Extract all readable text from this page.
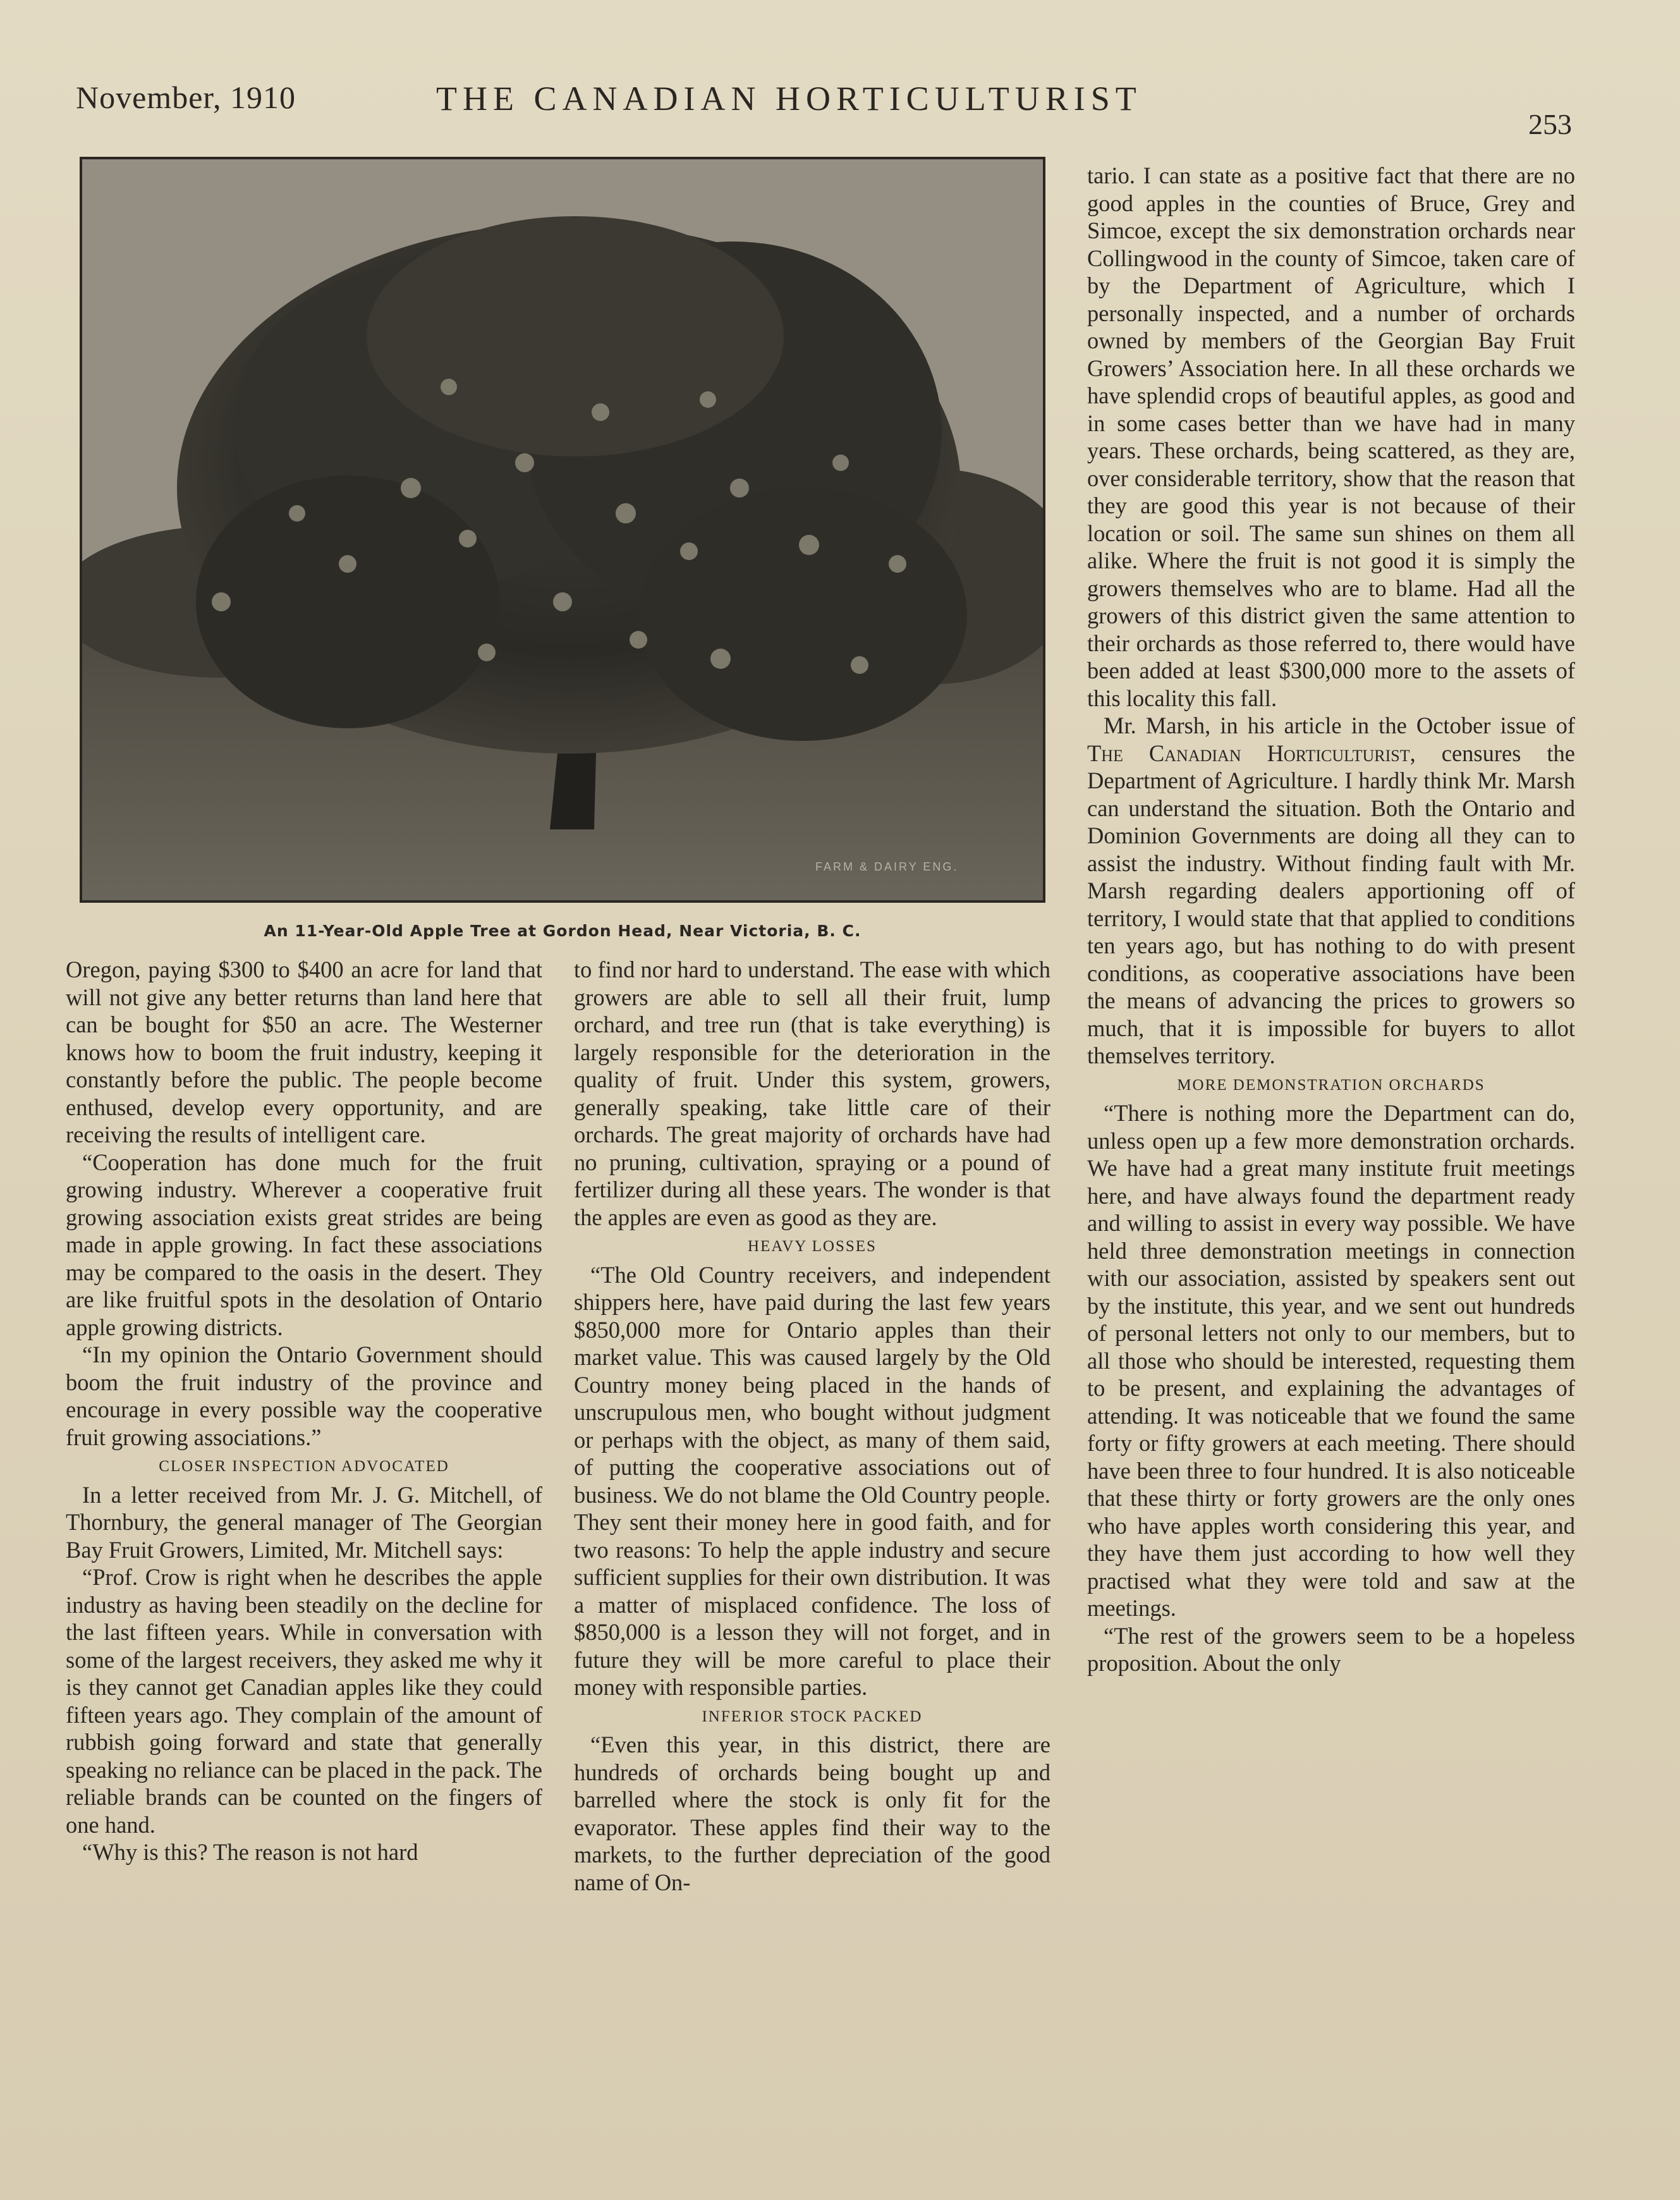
November, 1910	THE CANADIAN HORTICULTURIST
253
FARM & DAIRY ENG.
An 11-Year-Old Apple Tree at Gordon Head, Near Victoria, B. C.

Oregon, paying $300 to $400 an acre for land that will not give any better returns than land here that can be bought for $50 an acre. The Westerner knows how to boom the fruit industry, keeping it constantly before the public. The people become enthused, develop every opportunity, and are receiving the results of intelligent care.

“Cooperation has done much for the fruit growing industry. Wherever a cooperative fruit growing association exists great strides are being made in apple growing. In fact these associations may be compared to the oasis in the desert. They are like fruitful spots in the desolation of Ontario apple growing districts.

“In my opinion the Ontario Government should boom the fruit industry of the province and encourage in every possible way the cooperative fruit growing associations.”

CLOSER INSPECTION ADVOCATED

In a letter received from Mr. J. G. Mitchell, of Thornbury, the general manager of The Georgian Bay Fruit Growers, Limited, Mr. Mitchell says:

“Prof. Crow is right when he describes the apple industry as having been steadily on the decline for the last fifteen years. While in conversation with some of the largest receivers, they asked me why it is they cannot get Canadian apples like they could fifteen years ago. They complain of the amount of rubbish going forward and state that generally speaking no reliance can be placed in the pack. The reliable brands can be counted on the fingers of one hand.

“Why is this? The reason is not hard

to find nor hard to understand. The ease with which growers are able to sell all their fruit, lump orchard, and tree run (that is take everything) is largely responsible for the deterioration in the quality of fruit. Under this system, growers, generally speaking, take little care of their orchards. The great majority of orchards have had no pruning, cultivation, spraying or a pound of fertilizer during all these years. The wonder is that the apples are even as good as they are.

HEAVY LOSSES

“The Old Country receivers, and independent shippers here, have paid during the last few years $850,000 more for Ontario apples than their market value. This was caused largely by the Old Country money being placed in the hands of unscrupulous men, who bought without judgment or perhaps with the object, as many of them said, of putting the cooperative associations out of business. We do not blame the Old Country people. They sent their money here in good faith, and for two reasons: To help the apple industry and secure sufficient supplies for their own distribution. It was a matter of misplaced confidence. The loss of $850,000 is a lesson they will not forget, and in future they will be more careful to place their money with responsible parties.

INFERIOR STOCK PACKED

“Even this year, in this district, there are hundreds of orchards being bought up and barrelled where the stock is only fit for the evaporator. These apples find their way to the markets, to the further depreciation of the good name of On-

tario. I can state as a positive fact that there are no good apples in the counties of Bruce, Grey and Simcoe, except the six demonstration orchards near Collingwood in the county of Simcoe, taken care of by the Department of Agriculture, which I personally inspected, and a number of orchards owned by members of the Georgian Bay Fruit Growers’ Association here. In all these orchards we have splendid crops of beautiful apples, as good and in some cases better than we have had in many years. These orchards, being scattered, as they are, over considerable territory, show that the reason that they are good this year is not because of their location or soil. The same sun shines on them all alike. Where the fruit is not good it is simply the growers themselves who are to blame. Had all the growers of this district given the same attention to their orchards as those referred to, there would have been added at least $300,000 more to the assets of this locality this fall.

Mr. Marsh, in his article in the October issue of The Canadian Horticulturist, censures the Department of Agriculture. I hardly think Mr. Marsh can understand the situation. Both the Ontario and Dominion Governments are doing all they can to assist the industry. Without finding fault with Mr. Marsh regarding dealers apportioning off of territory, I would state that that applied to conditions ten years ago, but has nothing to do with present conditions, as cooperative associations have been the means of advancing the prices to growers so much, that it is impossible for buyers to allot themselves territory.

MORE DEMONSTRATION ORCHARDS

“There is nothing more the Department can do, unless open up a few more demonstration orchards. We have had a great many institute fruit meetings here, and have always found the department ready and willing to assist in every way possible. We have held three demonstration meetings in connection with our association, assisted by speakers sent out by the institute, this year, and we sent out hundreds of personal letters not only to our members, but to all those who should be interested, requesting them to be present, and explaining the advantages of attending. It was noticeable that we found the same forty or fifty growers at each meeting. There should have been three to four hundred. It is also noticeable that these thirty or forty growers are the only ones who have apples worth considering this year, and they have them just according to how well they practised what they were told and saw at the meetings.

“The rest of the growers seem to be a hopeless proposition. About the only
